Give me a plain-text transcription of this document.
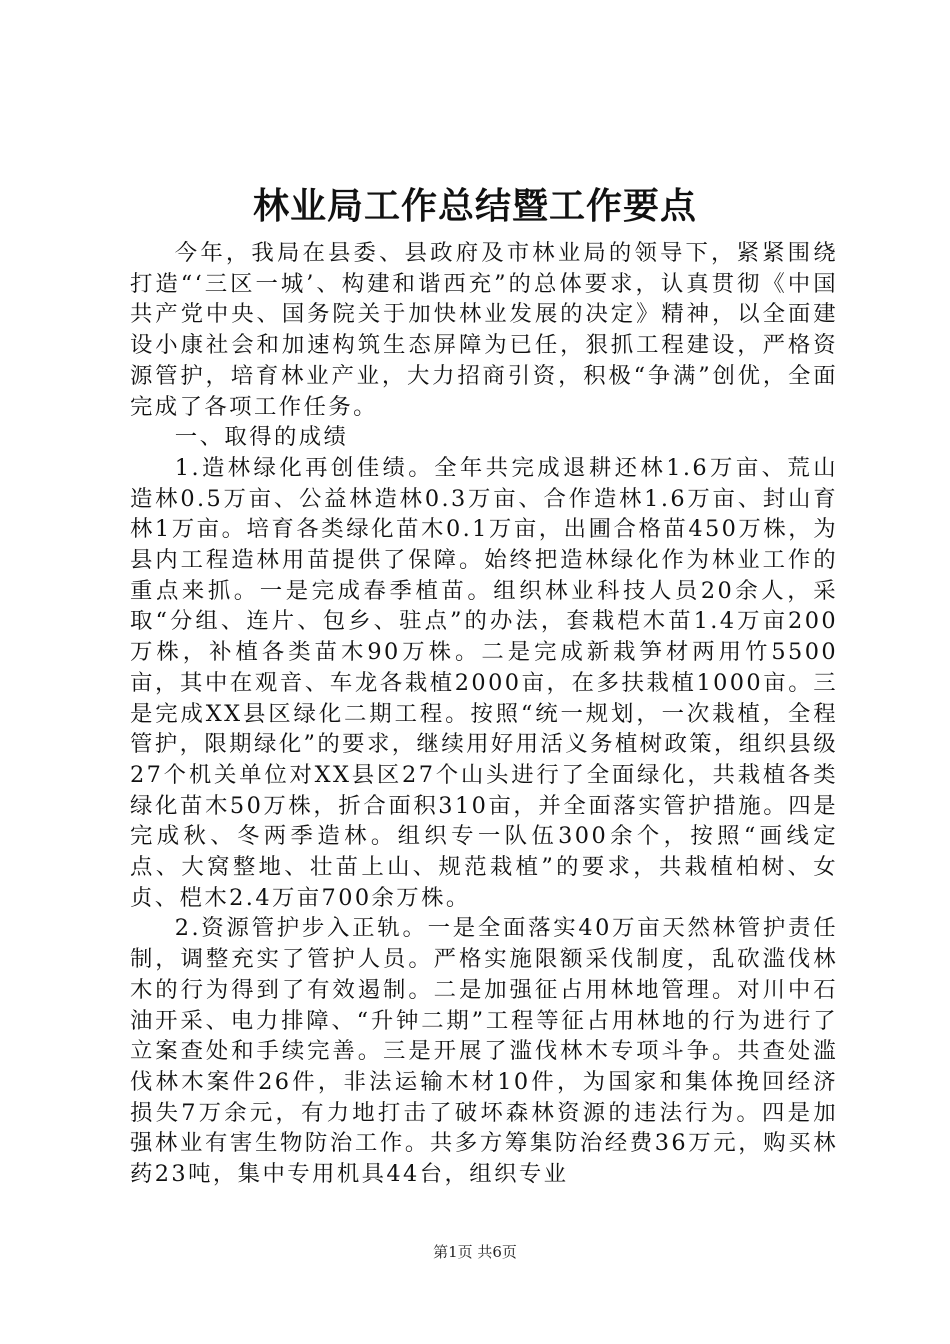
林业局工作总结暨工作要点

今年，我局在县委、县政府及市林业局的领导下，紧紧围绕打造“‘三区一城’、构建和谐西充”的总体要求，认真贯彻《中国共产党中央、国务院关于加快林业发展的决定》精神，以全面建设小康社会和加速构筑生态屏障为已任，狠抓工程建设，严格资源管护，培育林业产业，大力招商引资，积极“争满”创优，全面完成了各项工作任务。

一、取得的成绩

1.造林绿化再创佳绩。全年共完成退耕还林1.6万亩、荒山造林0.5万亩、公益林造林0.3万亩、合作造林1.6万亩、封山育林1万亩。培育各类绿化苗木0.1万亩，出圃合格苗450万株，为县内工程造林用苗提供了保障。始终把造林绿化作为林业工作的重点来抓。一是完成春季植苗。组织林业科技人员20余人，采取“分组、连片、包乡、驻点”的办法，套栽桤木苗1.4万亩200万株，补植各类苗木90万株。二是完成新栽笋材两用竹5500亩，其中在观音、车龙各栽植2000亩，在多扶栽植1000亩。三是完成XX县区绿化二期工程。按照“统一规划，一次栽植，全程管护，限期绿化”的要求，继续用好用活义务植树政策，组织县级27个机关单位对XX县区27个山头进行了全面绿化，共栽植各类绿化苗木50万株，折合面积310亩，并全面落实管护措施。四是完成秋、冬两季造林。组织专一队伍300余个，按照“画线定点、大窝整地、壮苗上山、规范栽植”的要求，共栽植柏树、女贞、桤木2.4万亩700余万株。

2.资源管护步入正轨。一是全面落实40万亩天然林管护责任制，调整充实了管护人员。严格实施限额采伐制度，乱砍滥伐林木的行为得到了有效遏制。二是加强征占用林地管理。对川中石油开采、电力排障、“升钟二期”工程等征占用林地的行为进行了立案查处和手续完善。三是开展了滥伐林木专项斗争。共查处滥伐林木案件26件，非法运输木材10件，为国家和集体挽回经济损失7万余元，有力地打击了破坏森林资源的违法行为。四是加强林业有害生物防治工作。共多方筹集防治经费36万元，购买林药23吨，集中专用机具44台，组织专业

第1页 共6页
